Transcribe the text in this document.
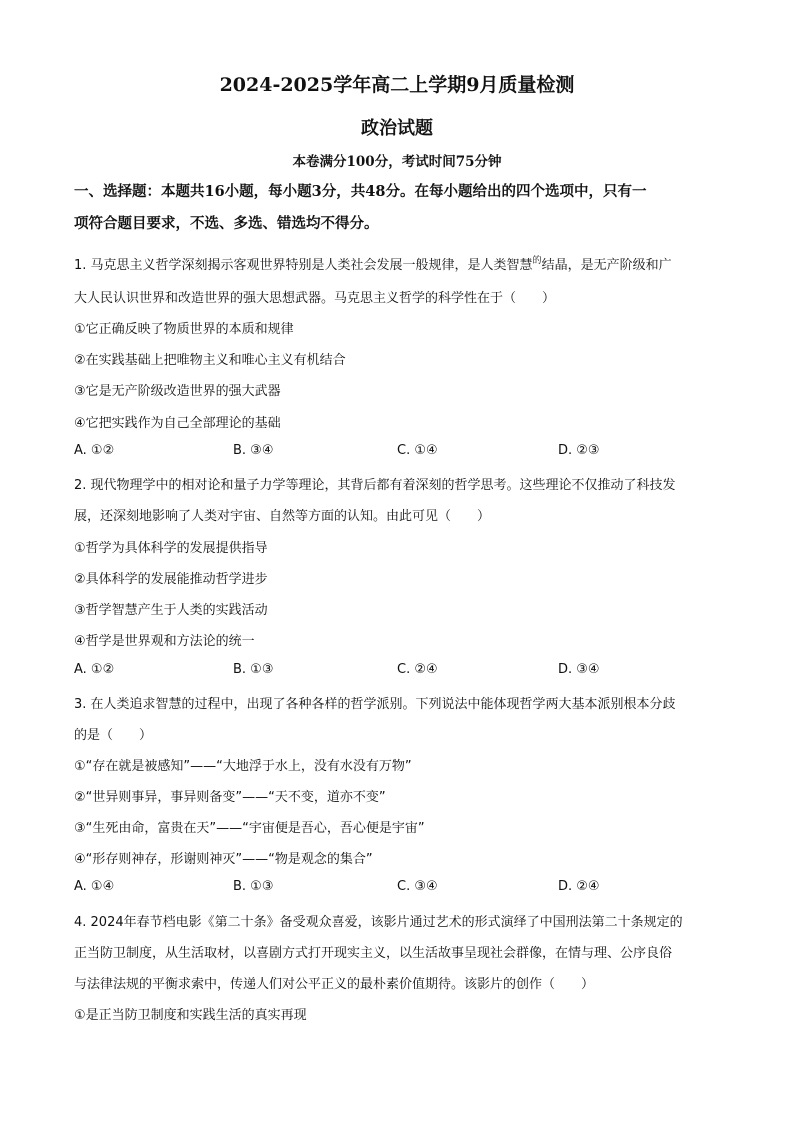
2024-2025学年高二上学期9月质量检测
政治试题
本卷满分100分，考试时间75分钟
一、选择题：本题共16小题，每小题3分，共48分。在每小题给出的四个选项中，只有一
项符合题目要求，不选、多选、错选均不得分。
1. 马克思主义哲学深刻揭示客观世界特别是人类社会发展一般规律，是人类智慧$^的$结晶，是无产阶级和广
大人民认识世界和改造世界的强大思想武器。马克思主义哲学的科学性在于（　　）
①它正确反映了物质世界的本质和规律
②在实践基础上把唯物主义和唯心主义有机结合
③它是无产阶级改造世界的强大武器
④它把实践作为自己全部理论的基础
A. ①②	B. ③④	C. ①④	D. ②③
2. 现代物理学中的相对论和量子力学等理论，其背后都有着深刻的哲学思考。这些理论不仅推动了科技发
展，还深刻地影响了人类对宇宙、自然等方面的认知。由此可见（　　）
①哲学为具体科学的发展提供指导
②具体科学的发展能推动哲学进步
③哲学智慧产生于人类的实践活动
④哲学是世界观和方法论的统一
A. ①②	B. ①③	C. ②④	D. ③④
3. 在人类追求智慧的过程中，出现了各种各样的哲学派别。下列说法中能体现哲学两大基本派别根本分歧
的是（　　）
①“存在就是被感知”——“大地浮于水上，没有水没有万物”
②“世异则事异，事异则备变”——“天不变，道亦不变”
③“生死由命，富贵在天”——“宇宙便是吾心，吾心便是宇宙”
④“形存则神存，形谢则神灭”——“物是观念的集合”
A. ①④	B. ①③	C. ③④	D. ②④
4. 2024年春节档电影《第二十条》备受观众喜爱，该影片通过艺术的形式演绎了中国刑法第二十条规定的
正当防卫制度，从生活取材，以喜剧方式打开现实主义，以生活故事呈现社会群像，在情与理、公序良俗
与法律法规的平衡求索中，传递人们对公平正义的最朴素价值期待。该影片的创作（　　）
①是正当防卫制度和实践生活的真实再现
